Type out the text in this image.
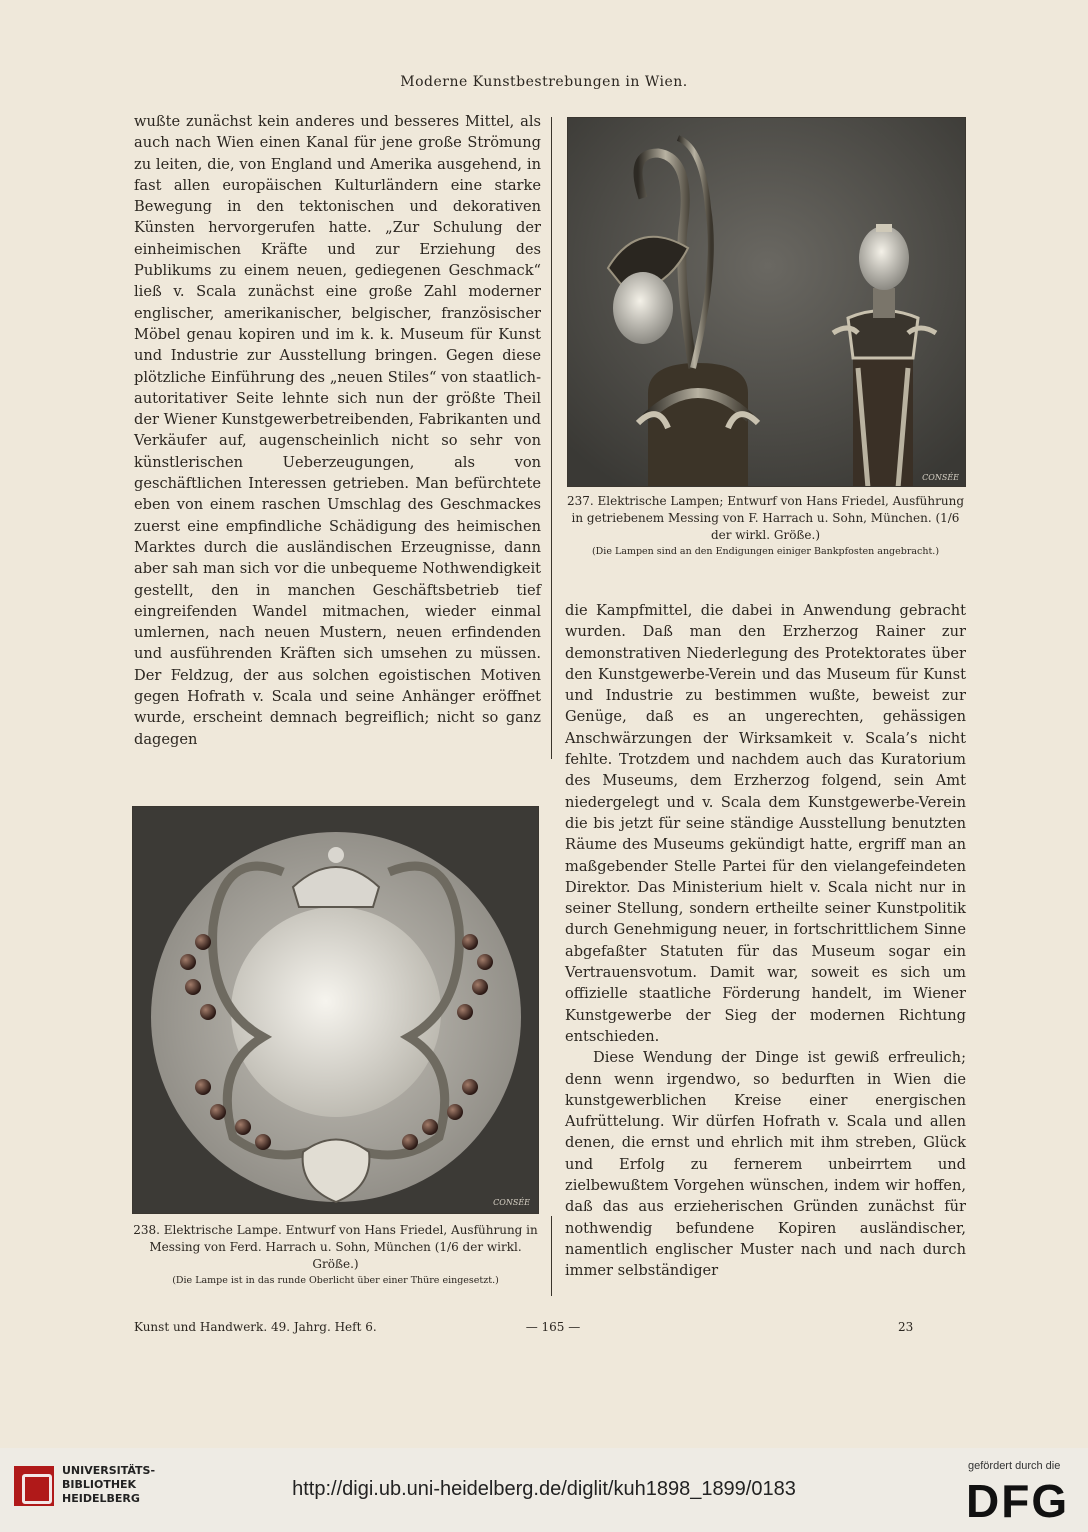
Moderne Kunstbestrebungen in Wien.

wußte zunächst kein anderes und besseres Mittel, als auch nach Wien einen Kanal für jene große Strömung zu leiten, die, von England und Amerika ausgehend, in fast allen europäischen Kulturländern eine starke Bewegung in den tektonischen und dekorativen Künsten hervorgerufen hatte. „Zur Schulung der einheimischen Kräfte und zur Erziehung des Publikums zu einem neuen, gediegenen Geschmack“ ließ v. Scala zunächst eine große Zahl moderner englischer, amerikanischer, belgischer, französischer Möbel genau kopiren und im k. k. Museum für Kunst und Industrie zur Ausstellung bringen. Gegen diese plötzliche Einführung des „neuen Stiles“ von staatlich-autoritativer Seite lehnte sich nun der größte Theil der Wiener Kunstgewerbetreibenden, Fabrikanten und Verkäufer auf, augenscheinlich nicht so sehr von künstlerischen Ueberzeugungen, als von geschäftlichen Interessen getrieben. Man befürchtete eben von einem raschen Umschlag des Geschmackes zuerst eine empfindliche Schädigung des heimischen Marktes durch die ausländischen Erzeugnisse, dann aber sah man sich vor die unbequeme Nothwendigkeit gestellt, den in manchen Geschäftsbetrieb tief eingreifenden Wandel mitmachen, wieder einmal umlernen, nach neuen Mustern, neuen erfindenden und ausführenden Kräften sich umsehen zu müssen. Der Feldzug, der aus solchen egoistischen Motiven gegen Hofrath v. Scala und seine Anhänger eröffnet wurde, erscheint demnach begreiflich; nicht so ganz dagegen

CONSÉE
237. Elektrische Lampen; Entwurf von Hans Friedel, Ausführung in getriebenem Messing von F. Harrach u. Sohn, München. (1/6 der wirkl. Größe.)
(Die Lampen sind an den Endigungen einiger Bankpfosten angebracht.)

die Kampfmittel, die dabei in Anwendung gebracht wurden. Daß man den Erzherzog Rainer zur demonstrativen Niederlegung des Protektorates über den Kunstgewerbe-Verein und das Museum für Kunst und Industrie zu bestimmen wußte, beweist zur Genüge, daß es an ungerechten, gehässigen Anschwärzungen der Wirksamkeit v. Scala’s nicht fehlte. Trotzdem und nachdem auch das Kuratorium des Museums, dem Erzherzog folgend, sein Amt niedergelegt und v. Scala dem Kunstgewerbe-Verein die bis jetzt für seine ständige Ausstellung benutzten Räume des Museums gekündigt hatte, ergriff man an maßgebender Stelle Partei für den vielangefeindeten Direktor. Das Ministerium hielt v. Scala nicht nur in seiner Stellung, sondern ertheilte seiner Kunstpolitik durch Genehmigung neuer, in fortschrittlichem Sinne abgefaßter Statuten für das Museum sogar ein Vertrauensvotum. Damit war, soweit es sich um offizielle staatliche Förderung handelt, im Wiener Kunstgewerbe der Sieg der modernen Richtung entschieden.

Diese Wendung der Dinge ist gewiß erfreulich; denn wenn irgendwo, so bedurften in Wien die kunstgewerblichen Kreise einer energischen Aufrüttelung. Wir dürfen Hofrath v. Scala und allen denen, die ernst und ehrlich mit ihm streben, Glück und Erfolg zu fernerem unbeirrtem und zielbewußtem Vorgehen wünschen, indem wir hoffen, daß das aus erzieherischen Gründen zunächst für nothwendig befundene Kopiren ausländischer, namentlich englischer Muster nach und nach durch immer selbständiger

CONSÉE
238. Elektrische Lampe. Entwurf von Hans Friedel, Ausführung in Messing von Ferd. Harrach u. Sohn, München (1/6 der wirkl. Größe.)
(Die Lampe ist in das runde Oberlicht über einer Thüre eingesetzt.)
Kunst und Handwerk. 49. Jahrg. Heft 6.	— 165 —	23
UNIVERSITÄTS-
BIBLIOTHEK
HEIDELBERG	http://digi.ub.uni-heidelberg.de/diglit/kuh1898_1899/0183
gefördert durch die
DFG
